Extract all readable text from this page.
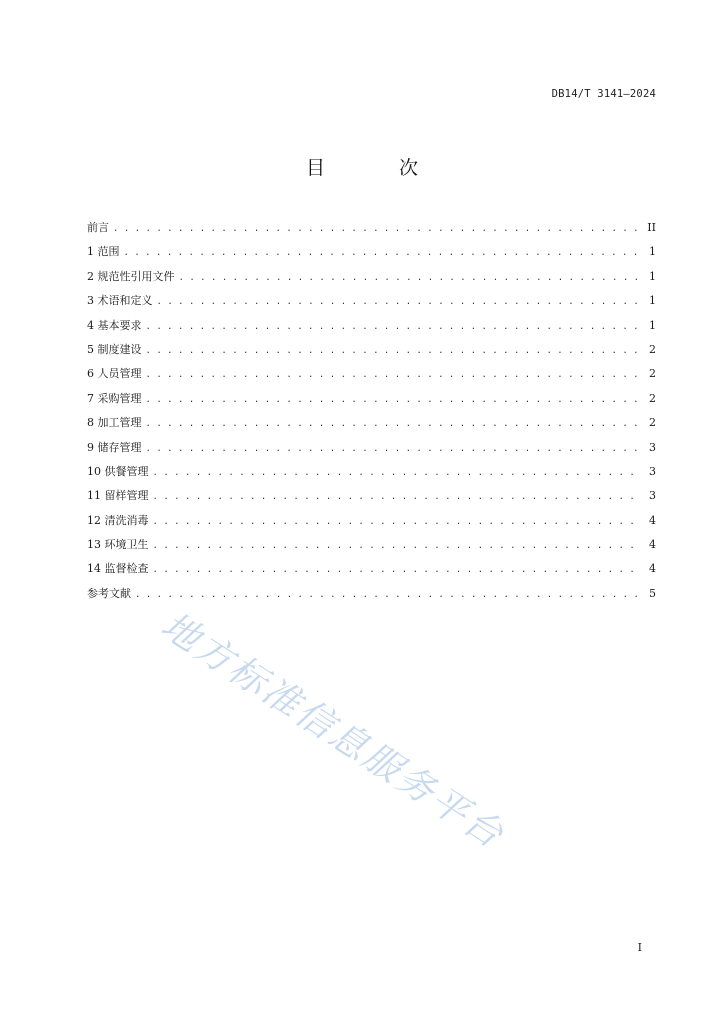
DB14/T 3141—2024
目 次
前言 . . .	II
1 范围 . . .	1
2 规范性引用文件 . . .	1
3 术语和定义 . . .	1
4 基本要求 . . .	1
5 制度建设 . . .	2
6 人员管理 . . .	2
7 采购管理 . . .	2
8 加工管理 . . .	2
9 储存管理 . . .	3
10 供餐管理 . . .	3
11 留样管理 . . .	3
12 清洗消毒 . . .	4
13 环境卫生 . . .	4
14 监督检查 . . .	4
参考文献 . . .	5
地方标准信息服务平台
I
